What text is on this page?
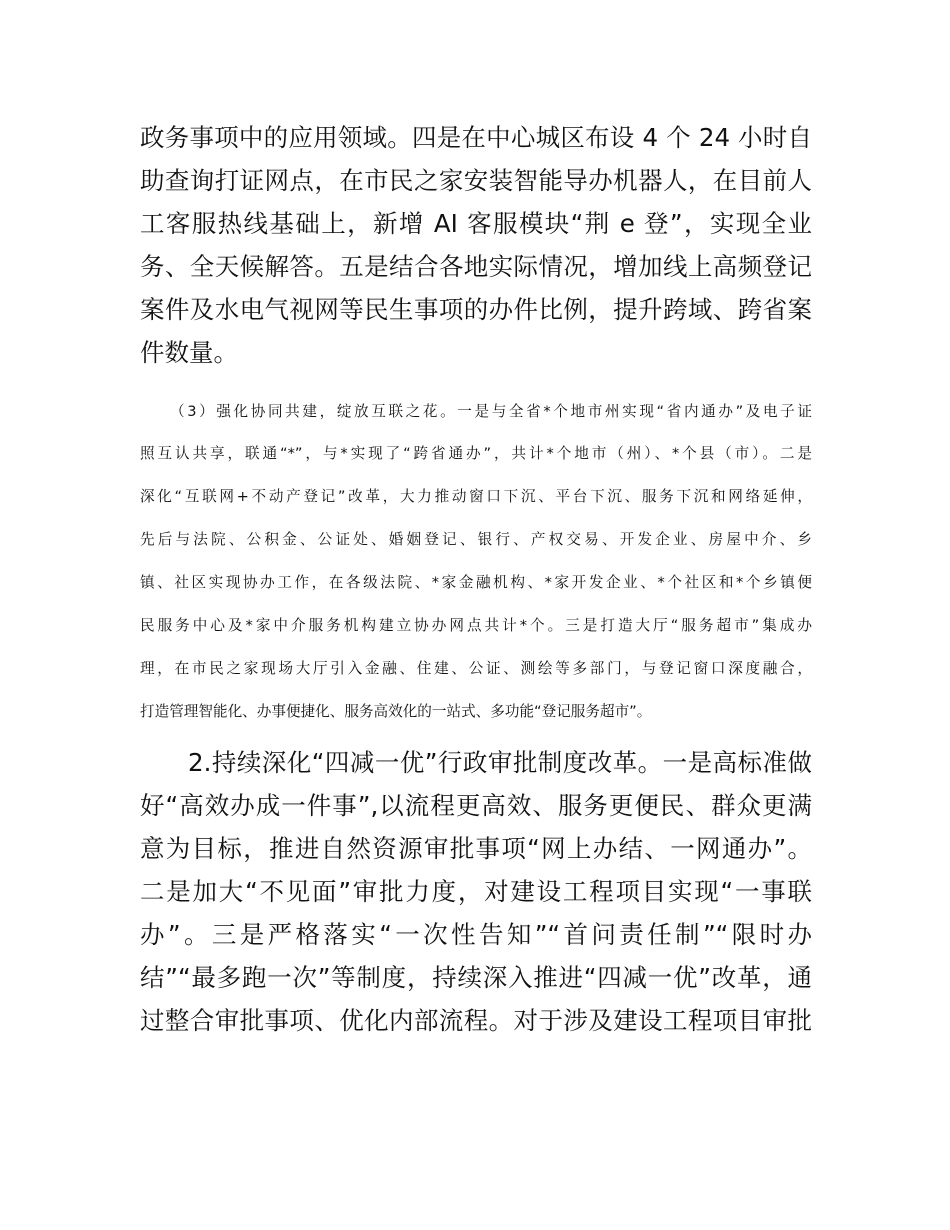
政务事项中的应用领域。四是在中心城区布设 4 个 24 小时自
助查询打证网点，在市民之家安装智能导办机器人，在目前人
工客服热线基础上，新增 AI 客服模块“荆 e 登”，实现全业
务、全天候解答。五是结合各地实际情况，增加线上高频登记
案件及水电气视网等民生事项的办件比例，提升跨域、跨省案
件数量。
（3）强化协同共建，绽放互联之花。一是与全省*个地市州实现“省内通办”及电子证
照互认共享，联通“*”，与*实现了“跨省通办”，共计*个地市（州）、*个县（市）。二是
深化“互联网+不动产登记”改革，大力推动窗口下沉、平台下沉、服务下沉和网络延伸，
先后与法院、公积金、公证处、婚姻登记、银行、产权交易、开发企业、房屋中介、乡
镇、社区实现协办工作，在各级法院、*家金融机构、*家开发企业、*个社区和*个乡镇便
民服务中心及*家中介服务机构建立协办网点共计*个。三是打造大厅“服务超市”集成办
理，在市民之家现场大厅引入金融、住建、公证、测绘等多部门，与登记窗口深度融合，
打造管理智能化、办事便捷化、服务高效化的一站式、多功能“登记服务超市”。
2.持续深化“四减一优”行政审批制度改革。一是高标准做
好“高效办成一件事”,以流程更高效、服务更便民、群众更满
意为目标，推进自然资源审批事项“网上办结、一网通办”。
二是加大“不见面”审批力度，对建设工程项目实现“一事联
办”。三是严格落实“一次性告知”“首问责任制”“限时办
结”“最多跑一次”等制度，持续深入推进“四减一优”改革，通
过整合审批事项、优化内部流程。对于涉及建设工程项目审批
